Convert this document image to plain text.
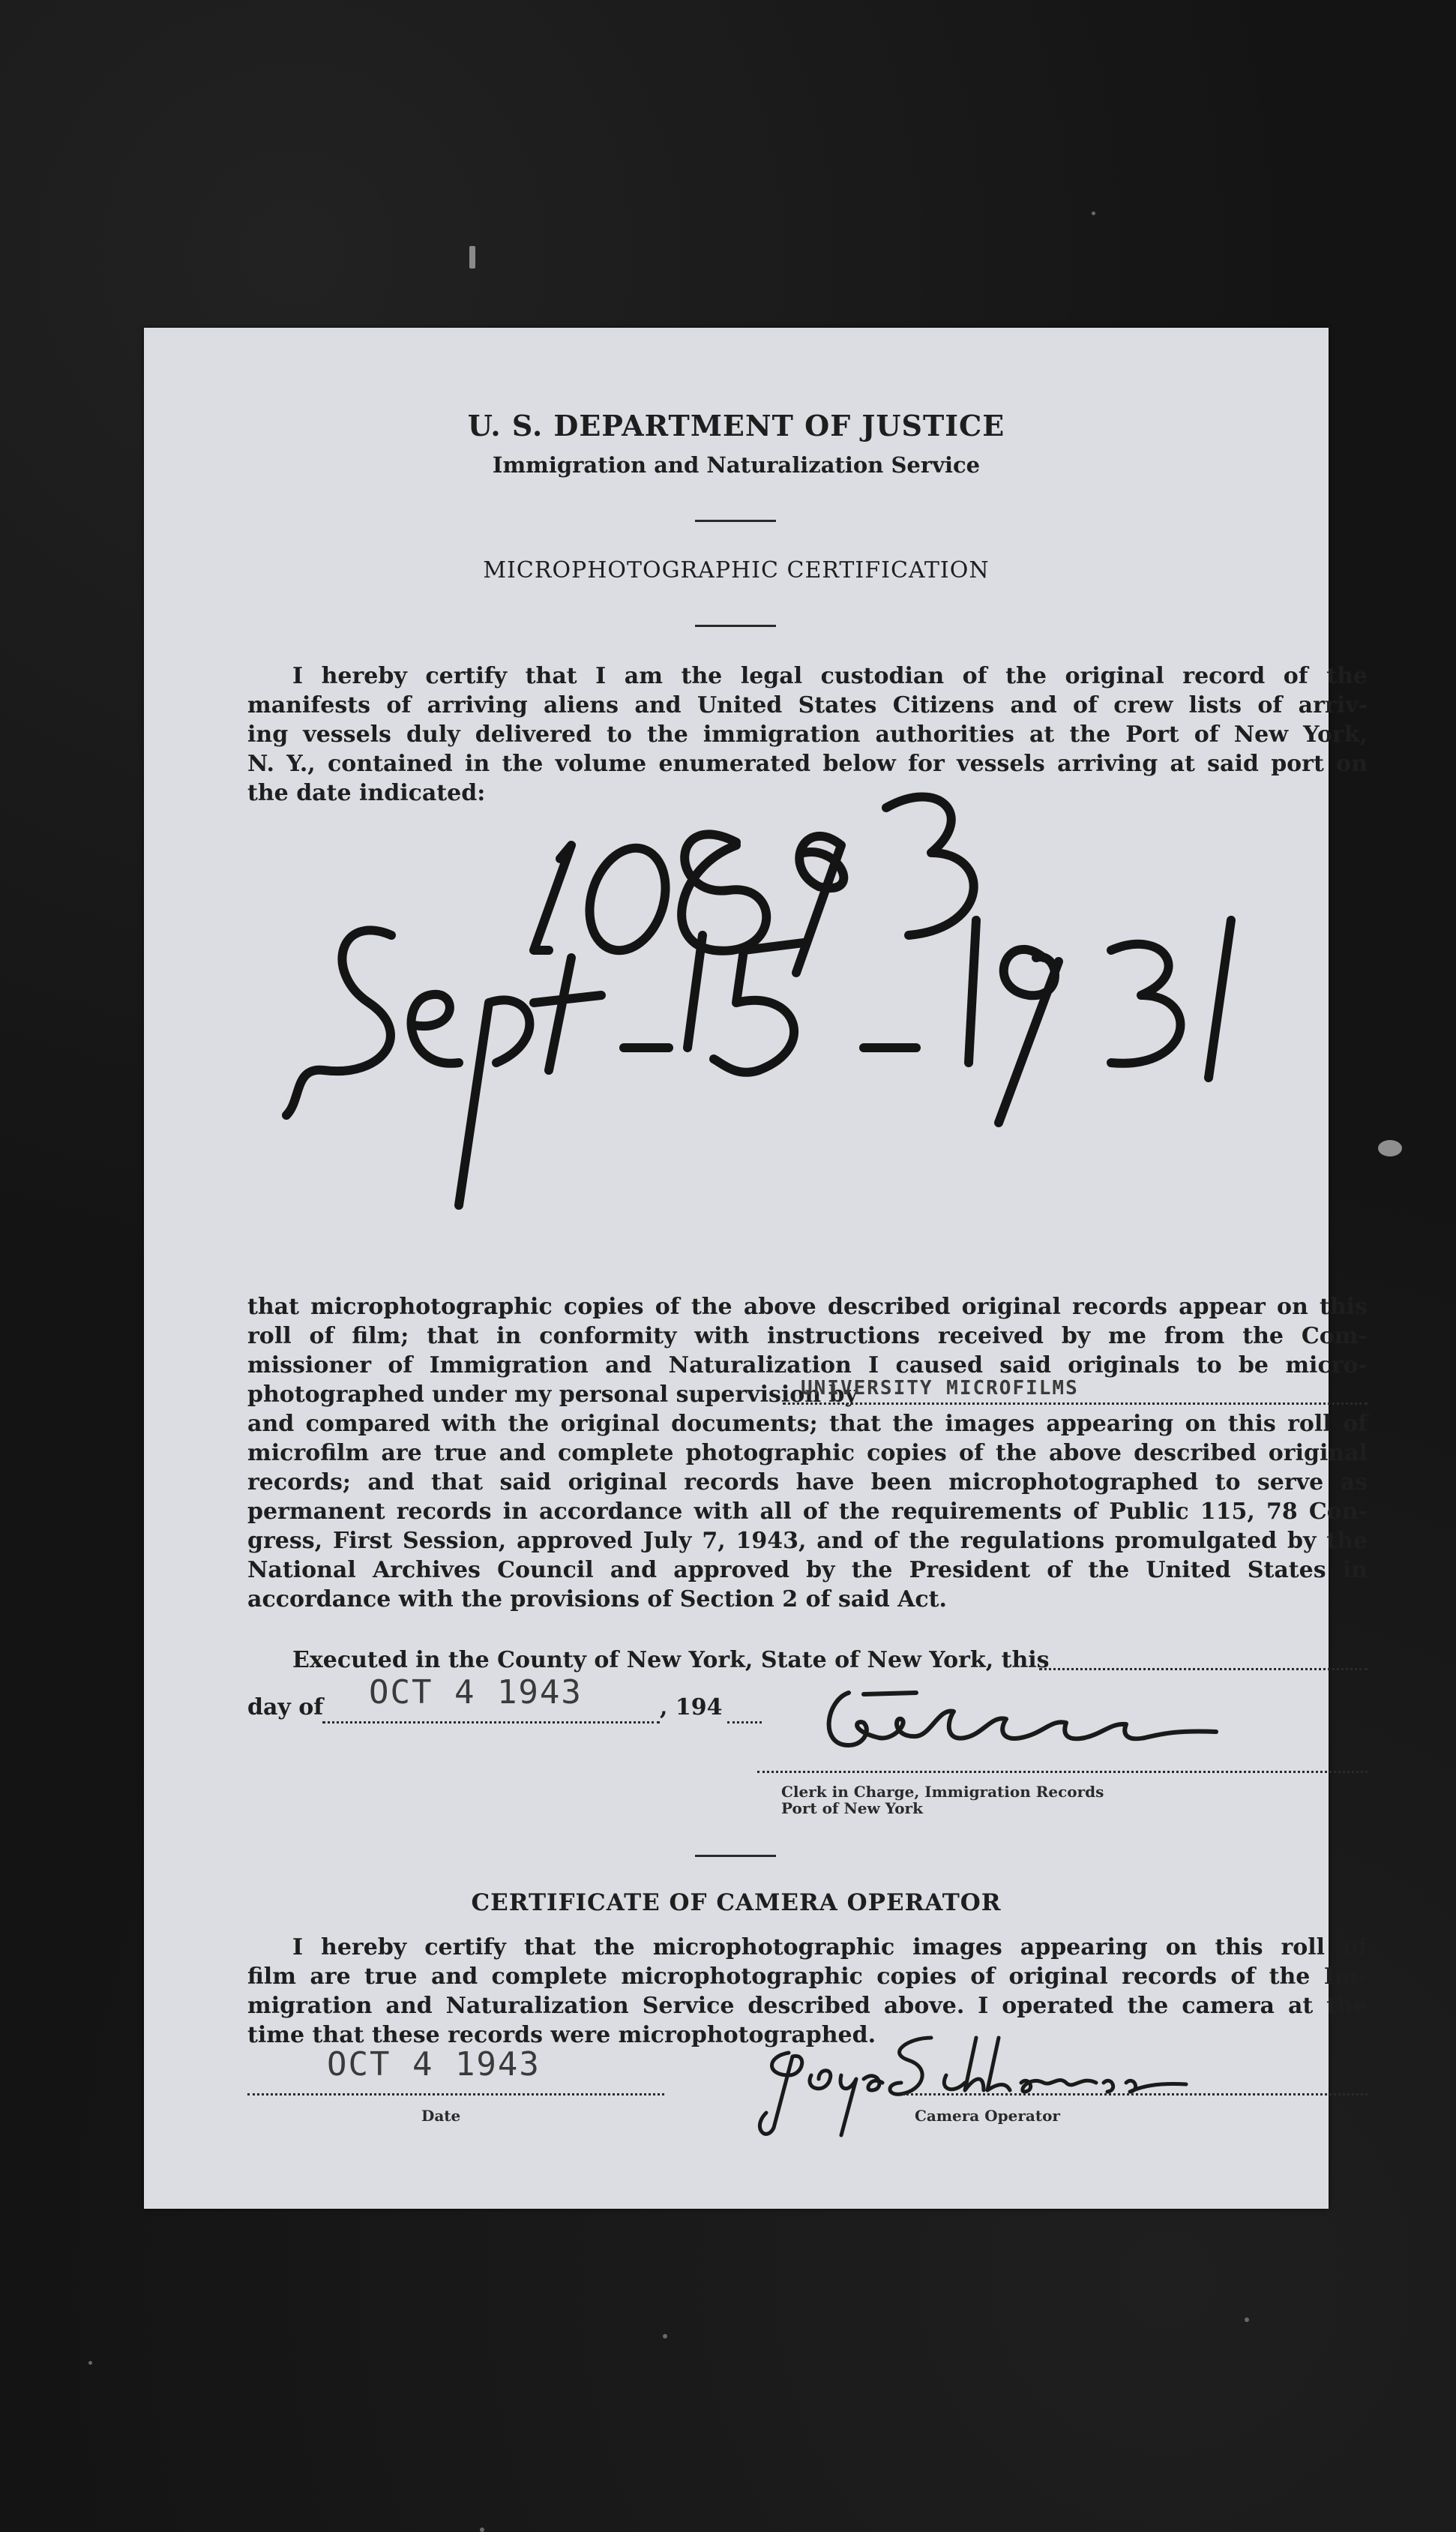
U. S. DEPARTMENT OF JUSTICE
Immigration and Naturalization Service
MICROPHOTOGRAPHIC CERTIFICATION
I hereby certify that I am the legal custodian of the original record of the
manifests of arriving aliens and United States Citizens and of crew lists of arriv-
ing vessels duly delivered to the immigration authorities at the Port of New York,
N. Y., contained in the volume enumerated below for vessels arriving at said port on
the date indicated:
that microphotographic copies of the above described original records appear on this
roll of film; that in conformity with instructions received by me from the Com-
missioner of Immigration and Naturalization I caused said originals to be micro-
photographed under my personal supervision by
UNIVERSITY MICROFILMS
and compared with the original documents; that the images appearing on this roll of
microfilm are true and complete photographic copies of the above described original
records; and that said original records have been microphotographed to serve as
permanent records in accordance with all of the requirements of Public 115, 78 Con-
gress, First Session, approved July 7, 1943, and of the regulations promulgated by the
National Archives Council and approved by the President of the United States in
accordance with the provisions of Section 2 of said Act.
Executed in the County of New York, State of New York, this
day of	OCT 4 1943	, 194
Clerk in Charge, Immigration Records
Port of New York
CERTIFICATE OF CAMERA OPERATOR
I hereby certify that the microphotographic images appearing on this roll of
film are true and complete microphotographic copies of original records of the Im-
migration and Naturalization Service described above. I operated the camera at the
time that these records were microphotographed.
OCT 4 1943
Date	Camera Operator
